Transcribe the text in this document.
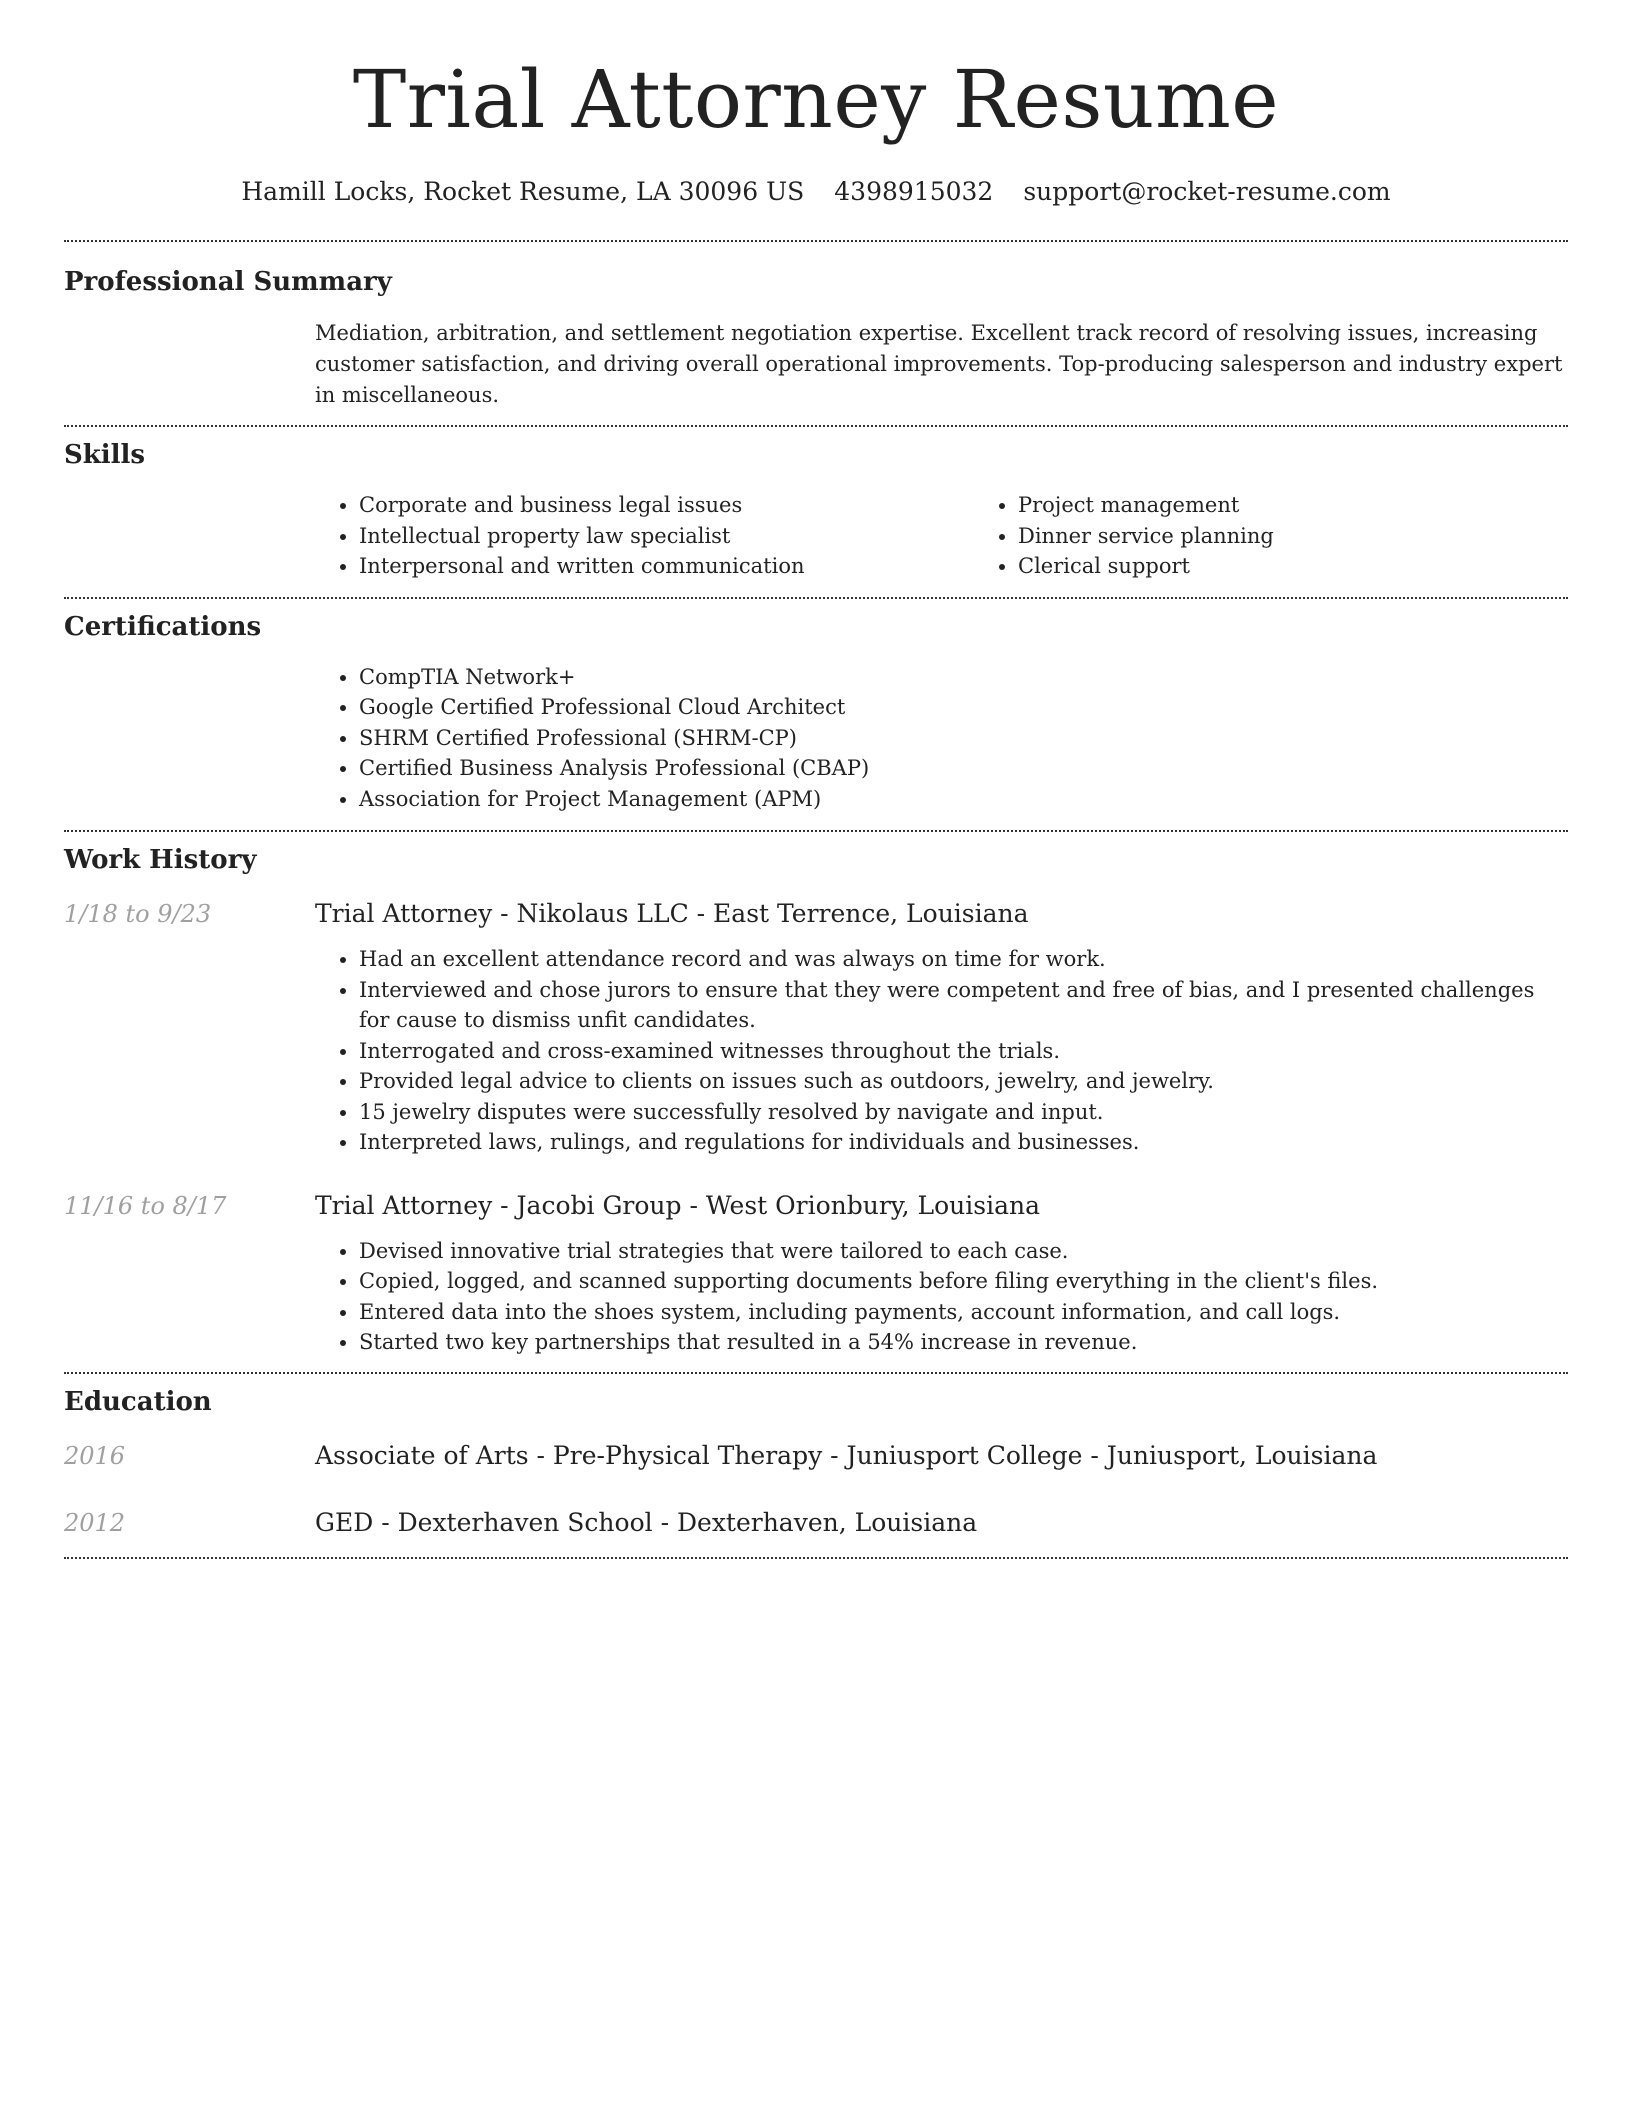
Trial Attorney Resume
Hamill Locks, Rocket Resume, LA 30096 US 4398915032 support@rocket-resume.com
Professional Summary

Mediation, arbitration, and settlement negotiation expertise. Excellent track record of resolving issues, increasing customer satisfaction, and driving overall operational improvements. Top-producing salesperson and industry expert in miscellaneous.

Skills
• Corporate and business legal issues
• Intellectual property law specialist
• Interpersonal and written communication
• Project management
• Dinner service planning
• Clerical support
Certifications
• CompTIA Network+
• Google Certified Professional Cloud Architect
• SHRM Certified Professional (SHRM-CP)
• Certified Business Analysis Professional (CBAP)
• Association for Project Management (APM)
Work History
1/18 to 9/23	Trial Attorney - Nikolaus LLC - East Terrence, Louisiana
• Had an excellent attendance record and was always on time for work.
• Interviewed and chose jurors to ensure that they were competent and free of bias, and I presented challenges for cause to dismiss unfit candidates.
• Interrogated and cross-examined witnesses throughout the trials.
• Provided legal advice to clients on issues such as outdoors, jewelry, and jewelry.
• 15 jewelry disputes were successfully resolved by navigate and input.
• Interpreted laws, rulings, and regulations for individuals and businesses.
11/16 to 8/17	Trial Attorney - Jacobi Group - West Orionbury, Louisiana
• Devised innovative trial strategies that were tailored to each case.
• Copied, logged, and scanned supporting documents before filing everything in the client's files.
• Entered data into the shoes system, including payments, account information, and call logs.
• Started two key partnerships that resulted in a 54% increase in revenue.
Education
2016	Associate of Arts - Pre-Physical Therapy - Juniusport College - Juniusport, Louisiana
2012	GED - Dexterhaven School - Dexterhaven, Louisiana
